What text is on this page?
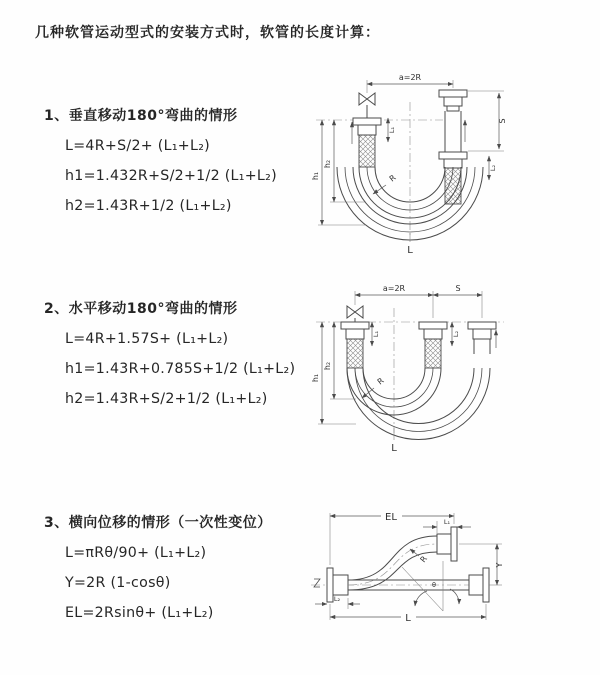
几种软管运动型式的安装方式时，软管的长度计算：
1、垂直移动180°弯曲的情形
L=4R+S/2+ (L₁+L₂)
h1=1.432R+S/2+1/2 (L₁+L₂)
h2=1.43R+1/2 (L₁+L₂)
2、水平移动180°弯曲的情形
L=4R+1.57S+ (L₁+L₂)
h1=1.43R+0.785S+1/2 (L₁+L₂)
h2=1.43R+S/2+1/2 (L₁+L₂)
3、横向位移的情形（一次性变位）
L=πRθ/90+ (L₁+L₂)
Y=2R (1-cosθ)
EL=2Rsinθ+ (L₁+L₂)
a=2R
h₁
h₂
S
L₁
L₂
R
L
a=2R	S
h₁
h₂
L₁	L₂
R
L
EL	L₁
Y
R
θ
L₂
L
